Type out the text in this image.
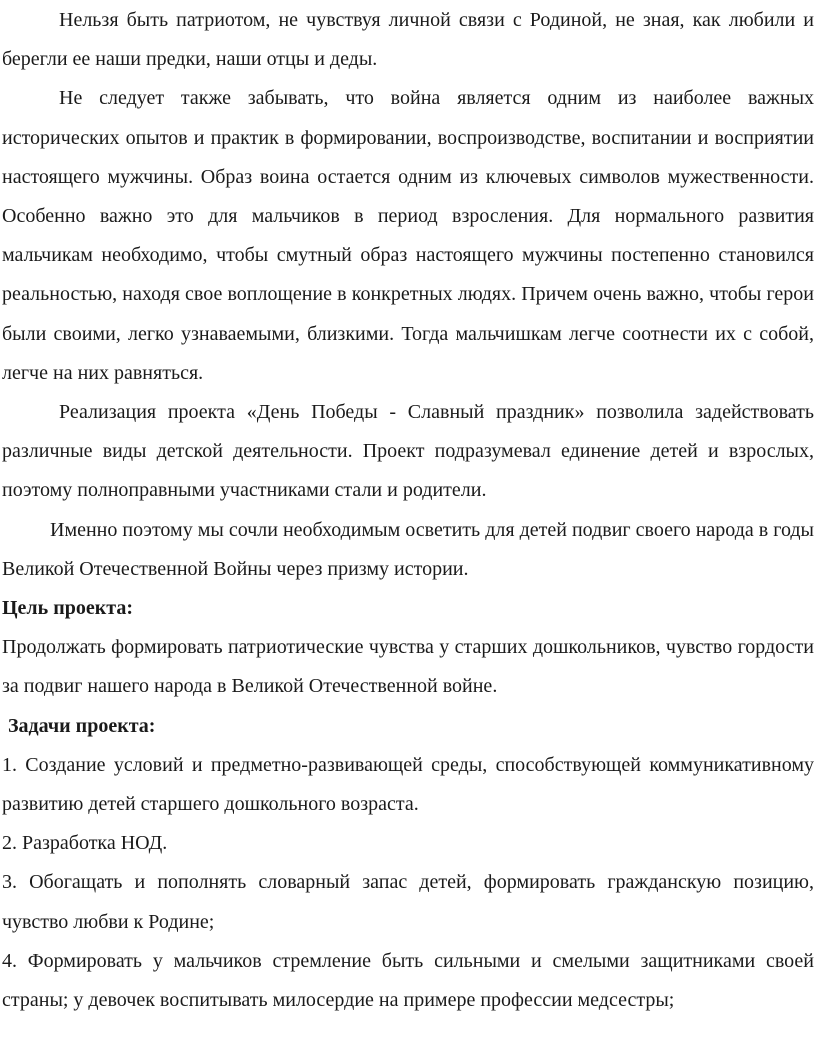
Нельзя быть патриотом, не чувствуя личной связи с Родиной, не зная, как любили и берегли ее наши предки, наши отцы и деды.

Не следует также забывать, что война является одним из наиболее важных исторических опытов и практик в формировании, воспроизводстве, воспитании и восприятии настоящего мужчины. Образ воина остается одним из ключевых символов мужественности. Особенно важно это для мальчиков в период взросления. Для нормального развития мальчикам необходимо, чтобы смутный образ настоящего мужчины постепенно становился реальностью, находя свое воплощение в конкретных людях. Причем очень важно, чтобы герои были своими, легко узнаваемыми, близкими. Тогда мальчишкам легче соотнести их с собой, легче на них равняться.

Реализация проекта «День Победы - Славный праздник» позволила задействовать различные виды детской деятельности. Проект подразумевал единение детей и взрослых, поэтому полноправными участниками стали и родители.

Именно поэтому мы сочли необходимым осветить для детей подвиг своего народа в годы Великой Отечественной Войны через призму истории.

Цель проекта:

Продолжать формировать патриотические чувства у старших дошкольников, чувство гордости за подвиг нашего народа в Великой Отечественной войне.

Задачи проекта:

1. Создание условий и предметно-развивающей среды, способствующей коммуникативному развитию детей старшего дошкольного возраста.

2. Разработка НОД.

3. Обогащать и пополнять словарный запас детей, формировать гражданскую позицию, чувство любви к Родине;

4. Формировать у мальчиков стремление быть сильными и смелыми защитниками своей страны; у девочек воспитывать милосердие на примере профессии медсестры;
